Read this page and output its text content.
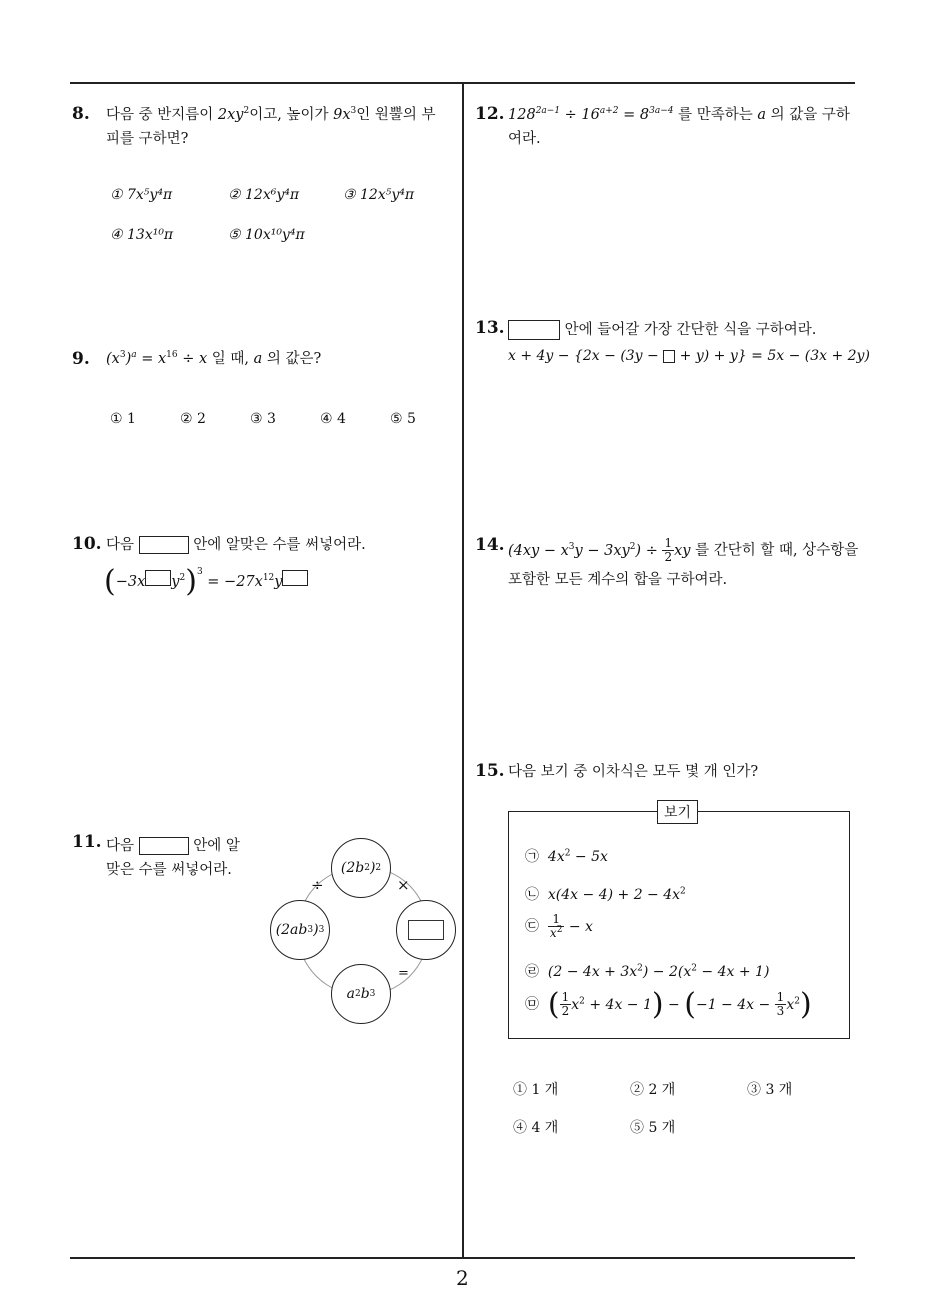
8. 다음 중 반지름이 $2xy^2$이고, 높이가 $9x^3$인 원뿔의 부
피를 구하면?
① 7x⁵y⁴π	② 12x⁶y⁴π	③ 12x⁵y⁴π
④ 13x¹⁰π	⑤ 10x¹⁰y⁴π
9. $(x^3)^a = x^{16} \div x$ 일 때, a 의 값은?
① 1	② 2	③ 3	④ 4	⑤ 5
10. 다음	안에 알맞은 수를 써넣어라.
(−3x $y^2)^3 = -27x^{12}y$
11. 다음	안에 알
맞은 수를 써넣어라.	(2b 2 ) 2
(2ab 3 ) 3
a 2 b 3
÷	×
=
12. $128^{2a-1} \div 16^{a+2} = 8^{3a-4}$ 를 만족하는 a 의 값을 구하
여라.
13.	안에 들어갈 가장 간단한 식을 구하여라.
x + 4y − {2x − (3y −  + y) + y} = 5x − (3x + 2y)
14. $(4xy - x^3y - 3xy^2) \div \frac{1}{2}$ xy 를 간단히 할 때, 상수항을
포함한 모든 계수의 합을 구하여라.
15. 다음 보기 중 이차식은 모두 몇 개 인가?
보기
㉠ $4x^2 - 5x$
㉡ $x(4x - 4) + 2 - 4x^2$
㉢ $\frac{1}{x^2} - x$
㉣ $(2 - 4x + 3x^2) - 2(x^2 - 4x + 1)$
㉤ ( $\frac{1}{2} x^2 + 4x - 1) - (-1 - 4x - \frac{1}{3} x^2)$
① 1 개	② 2 개	③ 3 개
④ 4 개	⑤ 5 개
2
